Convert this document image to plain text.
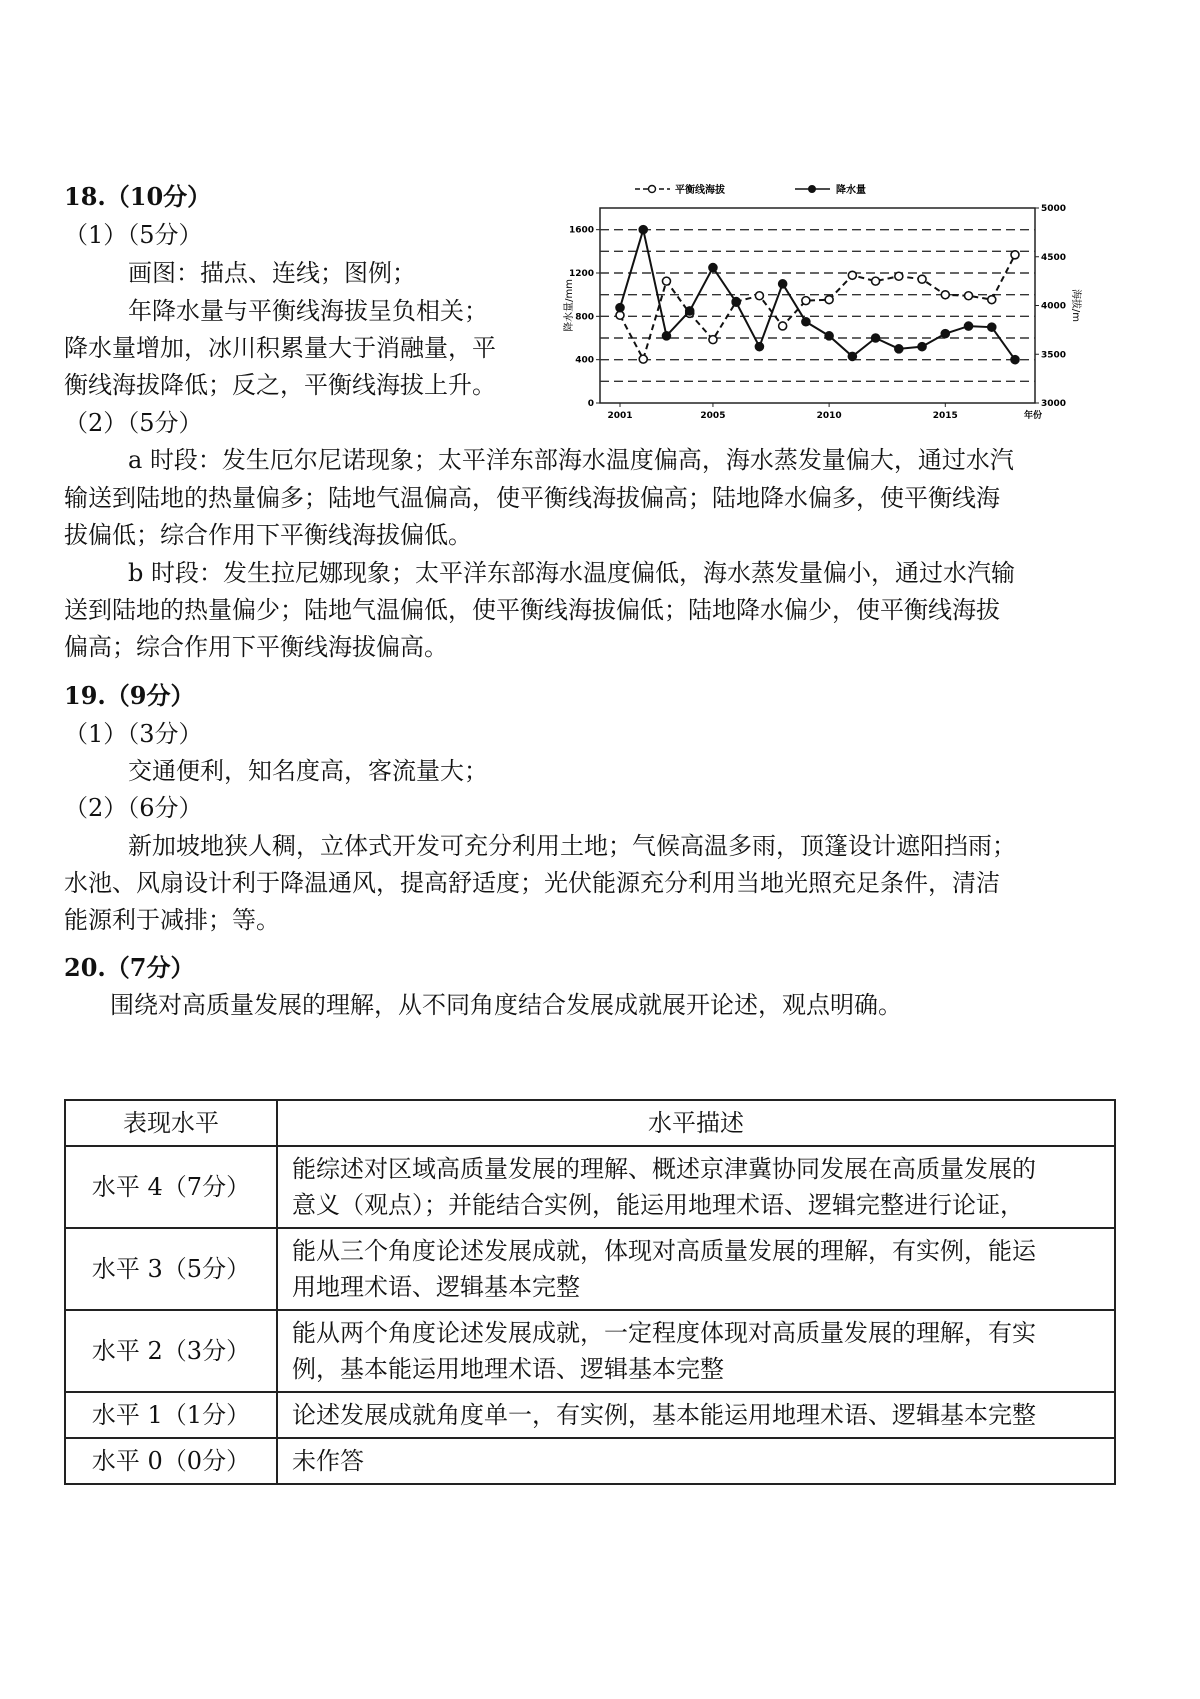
18.（10分）
（1）（5分）
画图：描点、连线；图例；
年降水量与平衡线海拔呈负相关；
降水量增加，冰川积累量大于消融量，平
衡线海拔降低；反之，平衡线海拔上升。
（2）（5分）
a 时段：发生厄尔尼诺现象；太平洋东部海水温度偏高，海水蒸发量偏大，通过水汽
输送到陆地的热量偏多；陆地气温偏高，使平衡线海拔偏高；陆地降水偏多，使平衡线海
拔偏低；综合作用下平衡线海拔偏低。
b 时段：发生拉尼娜现象；太平洋东部海水温度偏低，海水蒸发量偏小，通过水汽输
送到陆地的热量偏少；陆地气温偏低，使平衡线海拔偏低；陆地降水偏少，使平衡线海拔
偏高；综合作用下平衡线海拔偏高。
0
400
800
1200
1600
3000
3500
4000
4500
5000
2001	2005	2010	2015	年份
降水量/mm	海拔/m
平衡线海拔	降水量
19.（9分）
（1）（3分）
交通便利，知名度高，客流量大；
（2）（6分）
新加坡地狭人稠，立体式开发可充分利用土地；气候高温多雨，顶篷设计遮阳挡雨；
水池、风扇设计利于降温通风，提高舒适度；光伏能源充分利用当地光照充足条件，清洁
能源利于减排；等。
20.（7分）
围绕对高质量发展的理解，从不同角度结合发展成就展开论述，观点明确。
表现水平	水平描述
水平 4（7分）	能综述对区域高质量发展的理解、概述京津冀协同发展在高质量发展的
意义（观点）；并能结合实例，能运用地理术语、逻辑完整进行论证，

水平 3（5分）	能从三个角度论述发展成就，体现对高质量发展的理解，有实例，能运
用地理术语、逻辑基本完整

水平 2（3分）	能从两个角度论述发展成就，一定程度体现对高质量发展的理解，有实
例，基本能运用地理术语、逻辑基本完整

水平 1（1分）	论述发展成就角度单一，有实例，基本能运用地理术语、逻辑基本完整

水平 0（0分）	未作答
